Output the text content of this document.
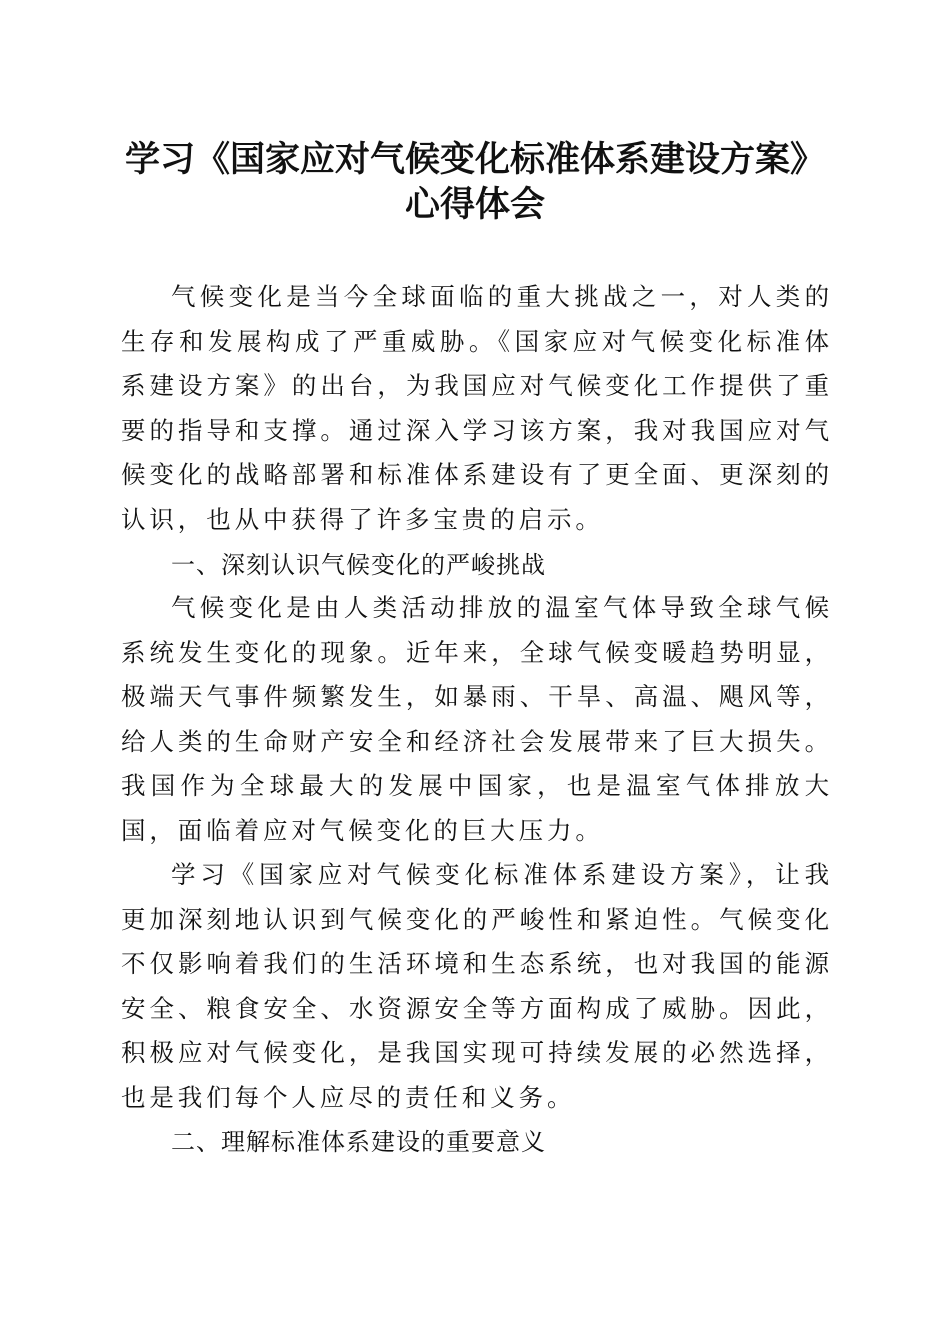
学习《国家应对气候变化标准体系建设方案》
心得体会
气候变化是当今全球面临的重大挑战之一，对人类的生存和发展构成了严重威胁。《国家应对气候变化标准体系建设方案》的出台，为我国应对气候变化工作提供了重要的指导和支撑。通过深入学习该方案，我对我国应对气候变化的战略部署和标准体系建设有了更全面、更深刻的认识，也从中获得了许多宝贵的启示。
一、深刻认识气候变化的严峻挑战
气候变化是由人类活动排放的温室气体导致全球气候系统发生变化的现象。近年来，全球气候变暖趋势明显，极端天气事件频繁发生，如暴雨、干旱、高温、飓风等，给人类的生命财产安全和经济社会发展带来了巨大损失。我国作为全球最大的发展中国家，也是温室气体排放大国，面临着应对气候变化的巨大压力。
学习《国家应对气候变化标准体系建设方案》，让我更加深刻地认识到气候变化的严峻性和紧迫性。气候变化不仅影响着我们的生活环境和生态系统，也对我国的能源安全、粮食安全、水资源安全等方面构成了威胁。因此，积极应对气候变化，是我国实现可持续发展的必然选择，也是我们每个人应尽的责任和义务。
二、理解标准体系建设的重要意义
